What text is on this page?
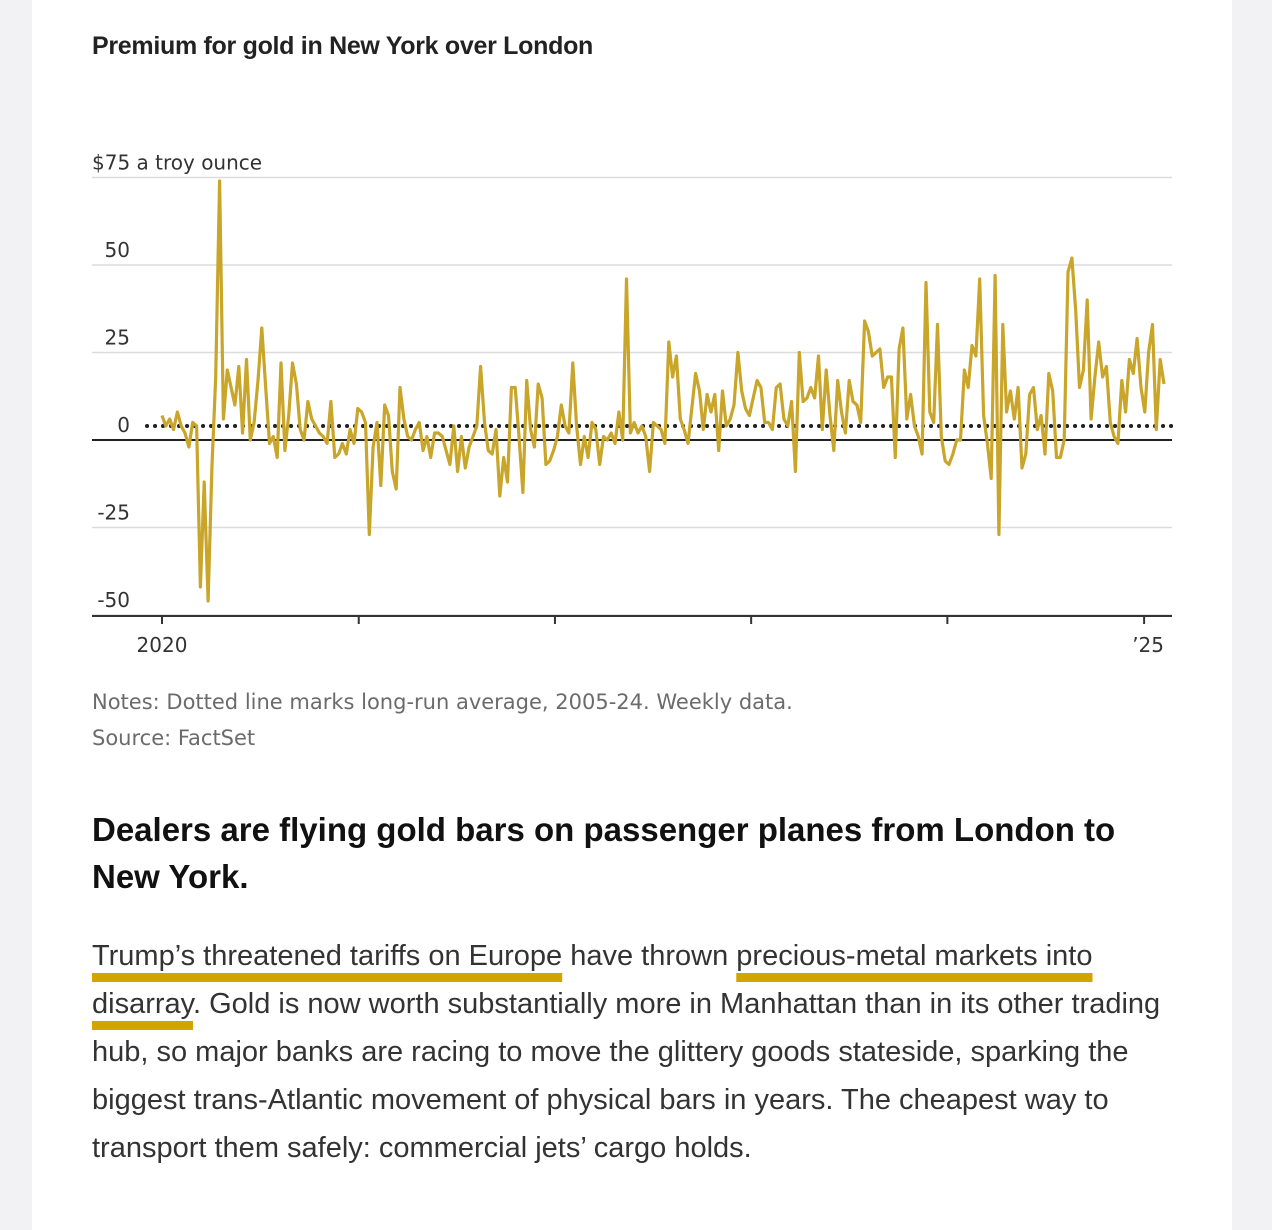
Premium for gold in New York over London
$75 a troy ounce
50
25
0
-25
-50
2020	’25
Notes: Dotted line marks long-run average, 2005-24. Weekly data.
Source: FactSet
Dealers are flying gold bars on passenger planes from London to New York.
Trump’s threatened tariffs on Europe have thrown precious-metal markets into disarray. Gold is now worth substantially more in Manhattan than in its other trading hub, so major banks are racing to move the glittery goods stateside, sparking the biggest trans-Atlantic movement of physical bars in years. The cheapest way to transport them safely: commercial jets’ cargo holds.
